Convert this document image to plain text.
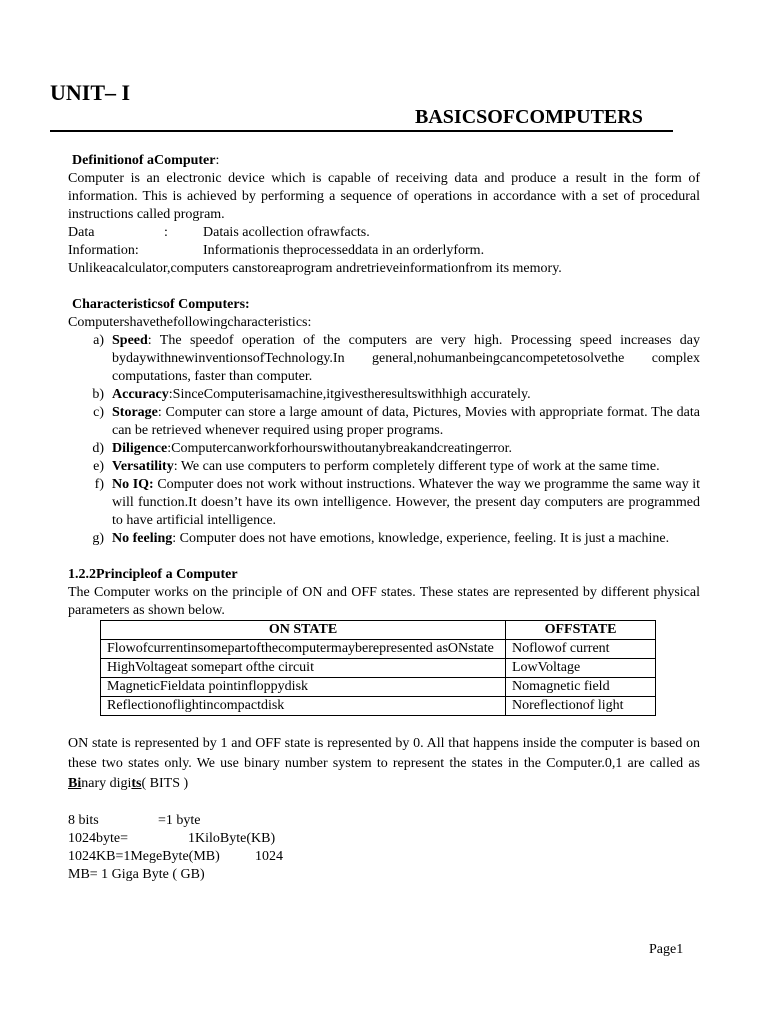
UNIT– I
BASICSOFCOMPUTERS

Definitionof aComputer:

Computer is an electronic device which is capable of receiving data and produce a result in the form of information. This is achieved by performing a sequence of operations in accordance with a set of procedural instructions called program.

Data	:	Datais acollection ofrawfacts.
Information:	Informationis theprocesseddata in an orderlyform.

Unlikeacalculator,computers canstoreaprogram andretrieveinformationfrom its memory.

Characteristicsof Computers:

Computershavethefollowingcharacteristics:

a) Speed: The speedof operation of the computers are very high. Processing speed increases day bydaywithnewinventionsofTechnology.In general,nohumanbeingcancompetetosolvethe complex computations, faster than computer.
b) Accuracy:SinceComputerisamachine,itgivestheresultswithhigh accurately.
c) Storage: Computer can store a large amount of data, Pictures, Movies with appropriate format. The data can be retrieved whenever required using proper programs.
d) Diligence:Computercanworkforhourswithoutanybreakandcreatingerror.
e) Versatility: We can use computers to perform completely different type of work at the same time.
f) No IQ: Computer does not work without instructions. Whatever the way we programme the same way it will function.It doesn’t have its own intelligence. However, the present day computers are programmed to have artificial intelligence.
g) No feeling: Computer does not have emotions, knowledge, experience, feeling. It is just a machine.

1.2.2Principleof a Computer

The Computer works on the principle of ON and OFF states. These states are represented by different physical parameters as shown below.

ON STATE	OFFSTATE
Flowofcurrentinsomepartofthecomputermayberepresented asONstate	Noflowof current
HighVoltageat somepart ofthe circuit	LowVoltage
MagneticFieldata pointinfloppydisk	Nomagnetic field
Reflectionoflightincompactdisk	Noreflectionof light

ON state is represented by 1 and OFF state is represented by 0. All that happens inside the computer is based on these two states only. We use binary number system to represent the states in the Computer.0,1 are called as Binary digits( BITS )

8 bits	=1 byte
1024byte=	1KiloByte(KB)
1024KB=1MegeByte(MB)	1024
MB= 1 Giga Byte ( GB)
Page1
